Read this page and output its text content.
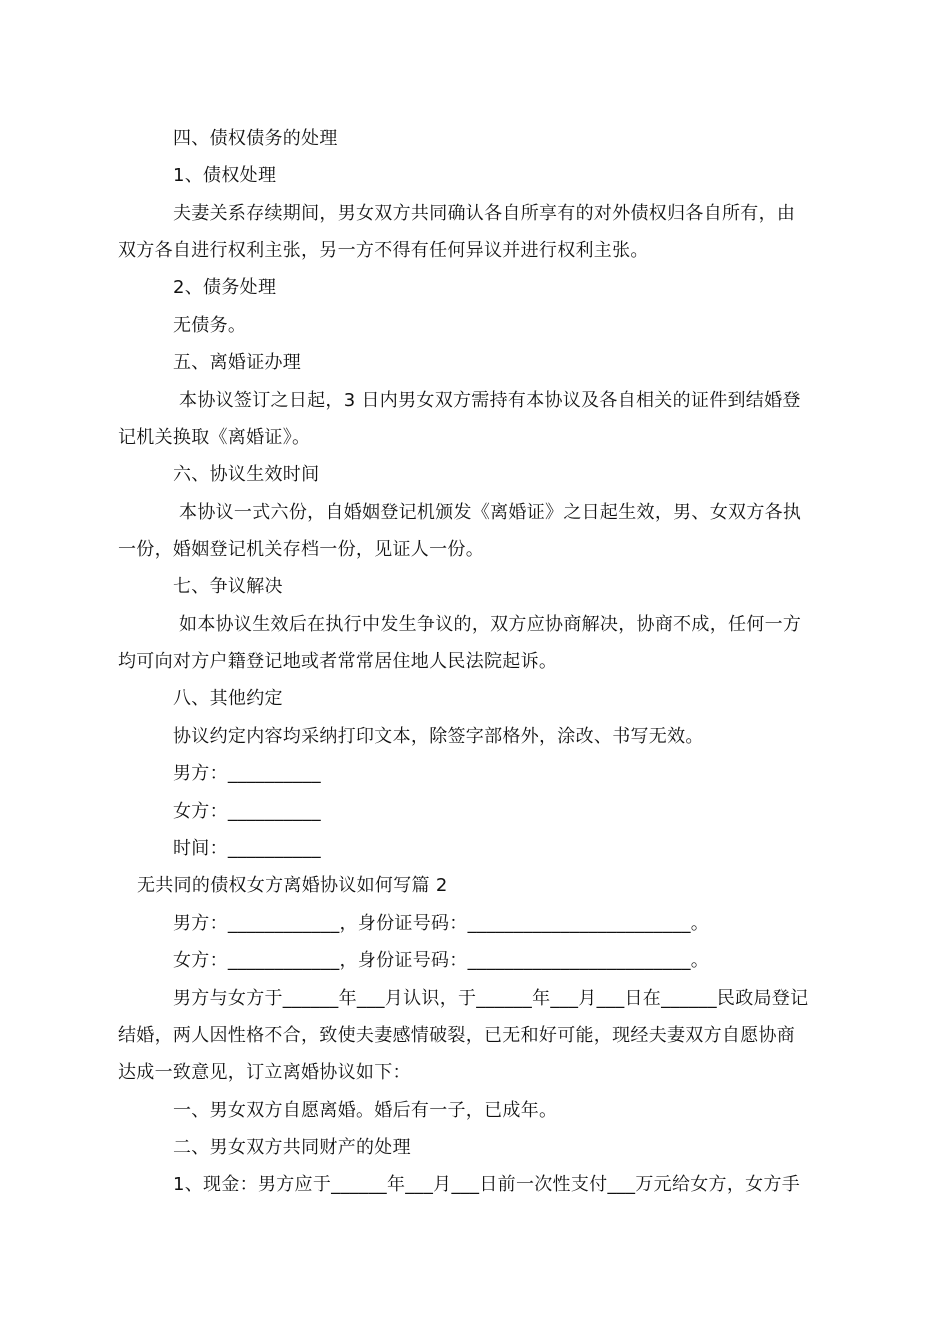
四、债权债务的处理
1、债权处理
夫妻关系存续期间，男女双方共同确认各自所享有的对外债权归各自所有，由
双方各自进行权利主张，另一方不得有任何异议并进行权利主张。
2、债务处理
无债务。
五、离婚证办理
本协议签订之日起，3 日内男女双方需持有本协议及各自相关的证件到结婚登
记机关换取《离婚证》。
六、协议生效时间
本协议一式六份，自婚姻登记机颁发《离婚证》之日起生效，男、女双方各执
一份，婚姻登记机关存档一份，见证人一份。
七、争议解决
如本协议生效后在执行中发生争议的，双方应协商解决，协商不成，任何一方
均可向对方户籍登记地或者常常居住地人民法院起诉。
八、其他约定
协议约定内容均采纳打印文本，除签字部格外，涂改、书写无效。
男方：__________
女方：__________
时间：__________
无共同的债权女方离婚协议如何写篇 2
男方：____________，身份证号码：________________________。
女方：____________，身份证号码：________________________。
男方与女方于______年___月认识，于______年___月___日在______民政局登记
结婚，两人因性格不合，致使夫妻感情破裂，已无和好可能，现经夫妻双方自愿协商
达成一致意见，订立离婚协议如下：
一、男女双方自愿离婚。婚后有一子，已成年。
二、男女双方共同财产的处理
1、现金：男方应于______年___月___日前一次性支付___万元给女方，女方手
